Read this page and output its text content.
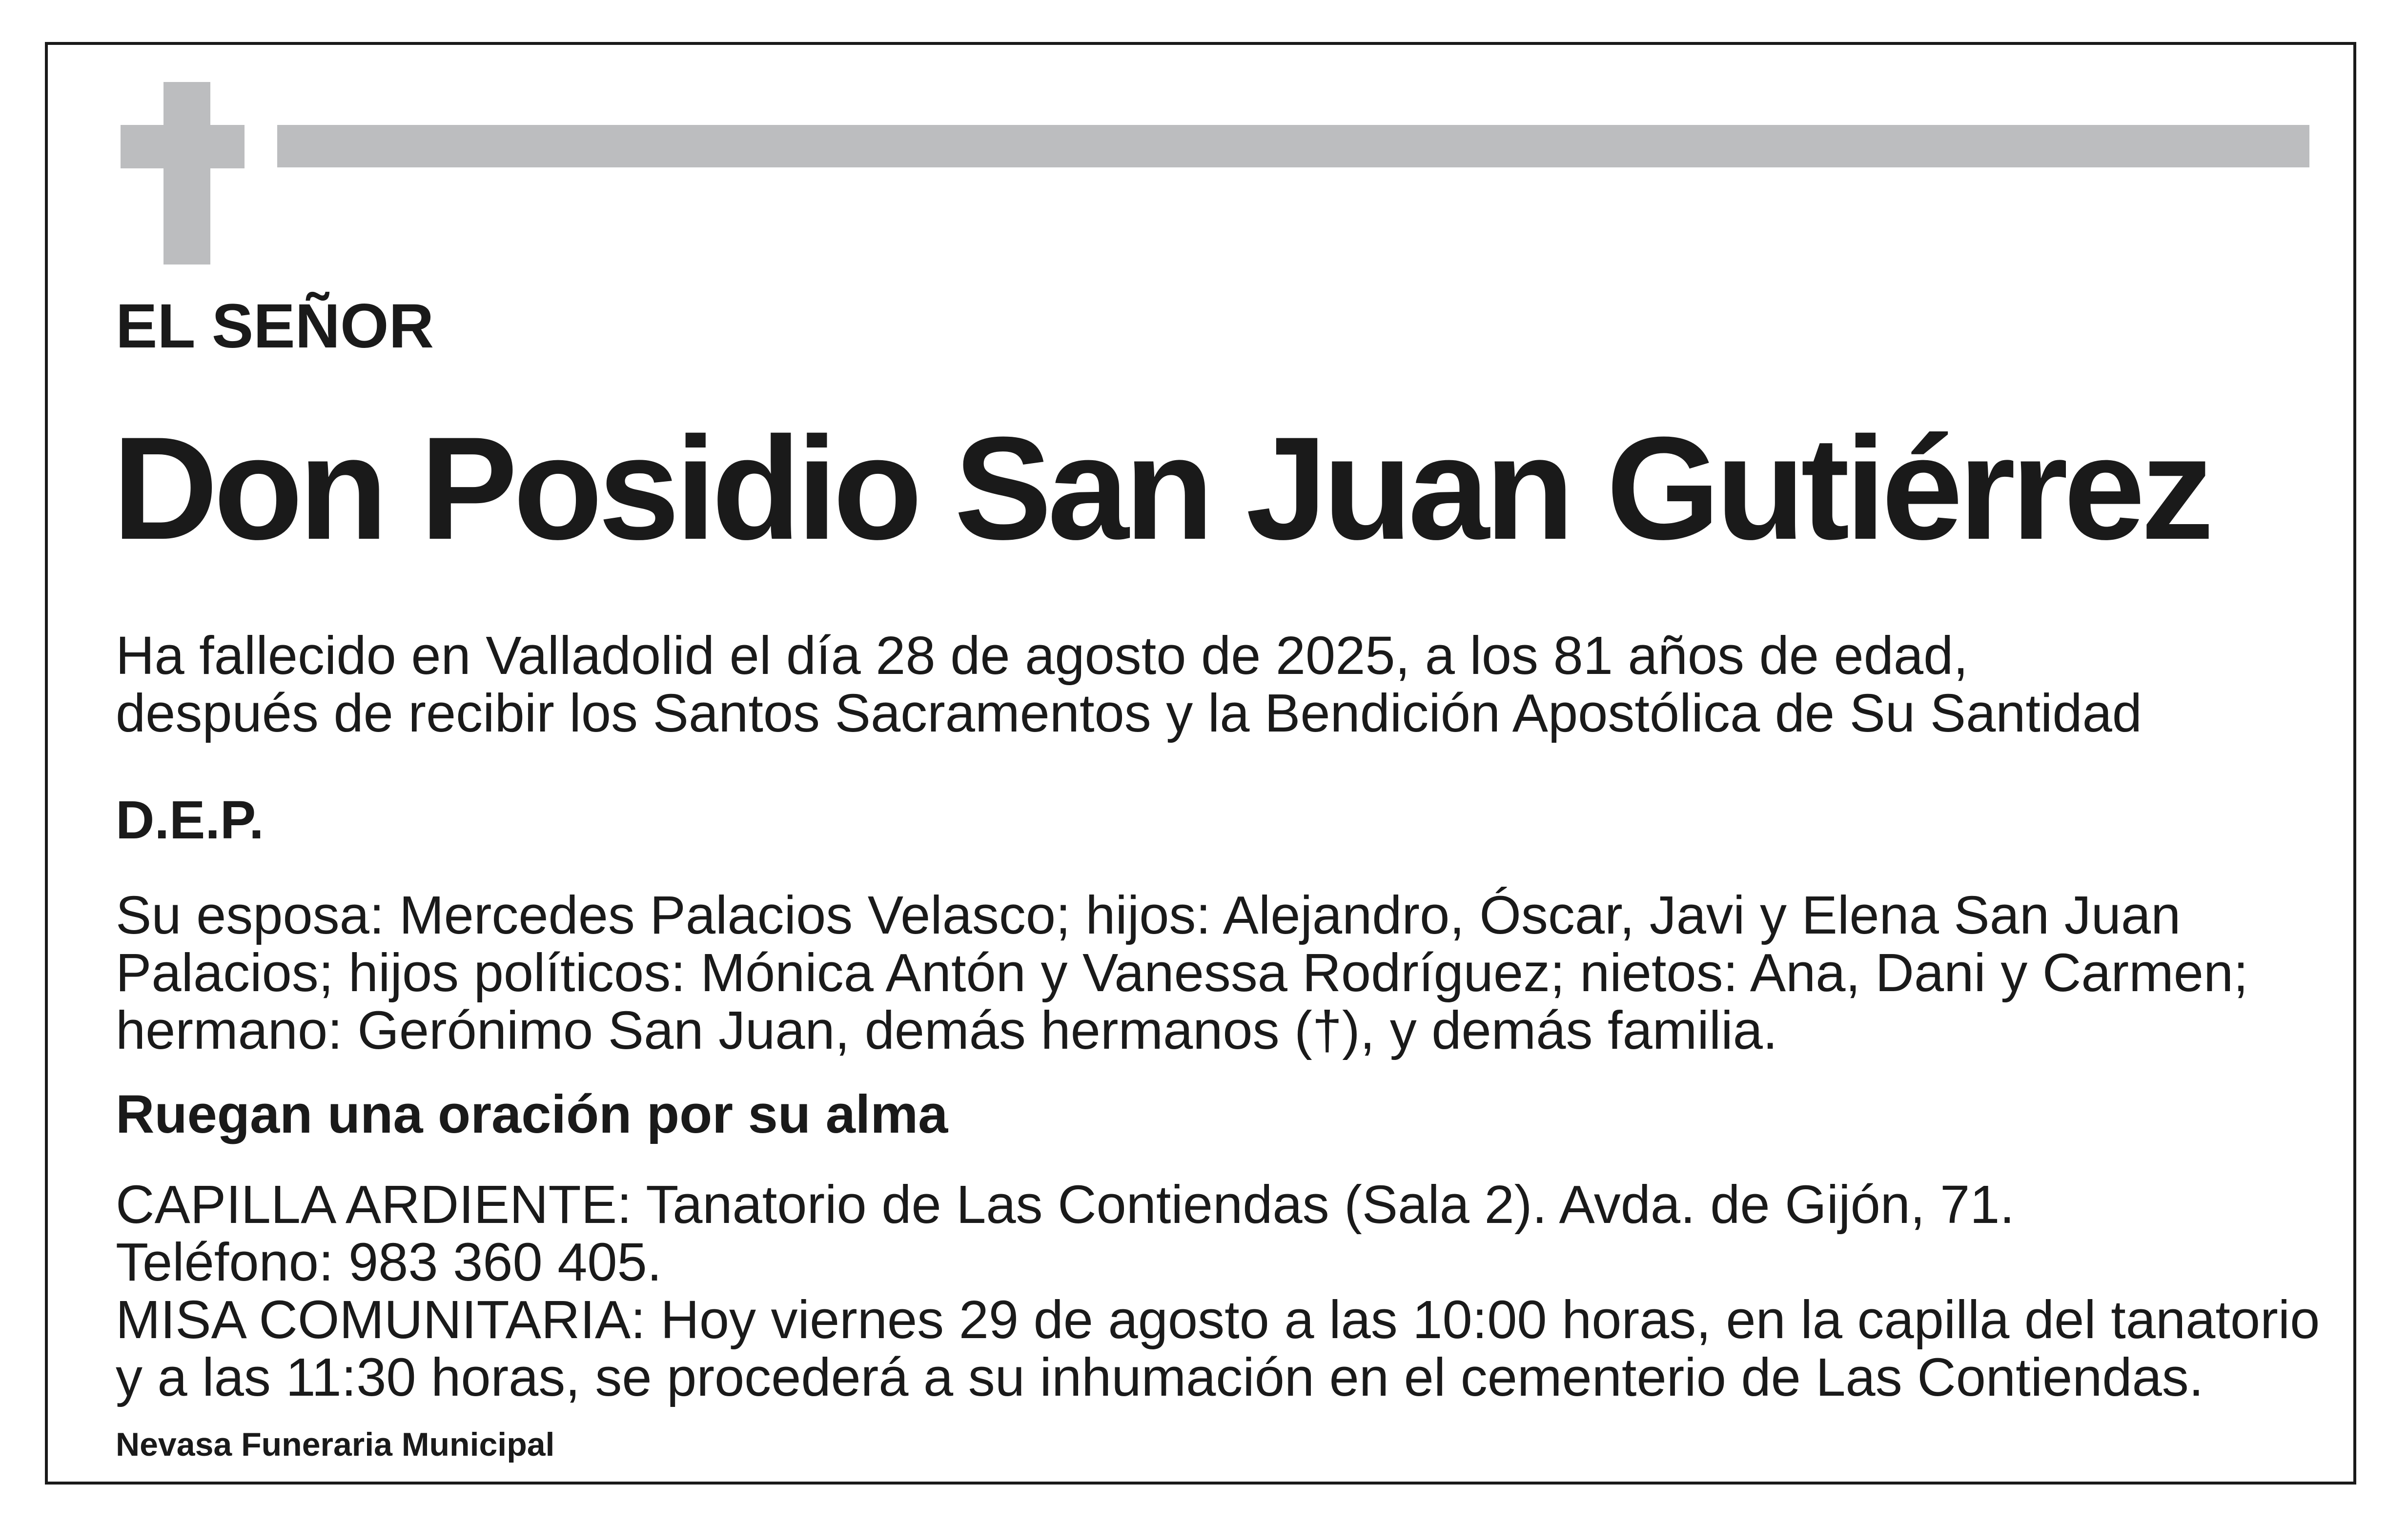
EL SEÑOR
Don Posidio San Juan Gutiérrez
Ha fallecido en Valladolid el día 28 de agosto de 2025, a los 81 años de edad,
después de recibir los Santos Sacramentos y la Bendición Apostólica de Su Santidad
D.E.P.
Su esposa: Mercedes Palacios Velasco; hijos: Alejandro, Óscar, Javi y Elena San Juan
Palacios; hijos políticos: Mónica Antón y Vanessa Rodríguez; nietos: Ana, Dani y Carmen;
hermano: Gerónimo San Juan, demás hermanos (†), y demás familia.
Ruegan una oración por su alma
CAPILLA ARDIENTE: Tanatorio de Las Contiendas (Sala 2). Avda. de Gijón, 71.
Teléfono: 983 360 405.
MISA COMUNITARIA: Hoy viernes 29 de agosto a las 10:00 horas, en la capilla del tanatorio
y a las 11:30 horas, se procederá a su inhumación en el cementerio de Las Contiendas.
Nevasa Funeraria Municipal
